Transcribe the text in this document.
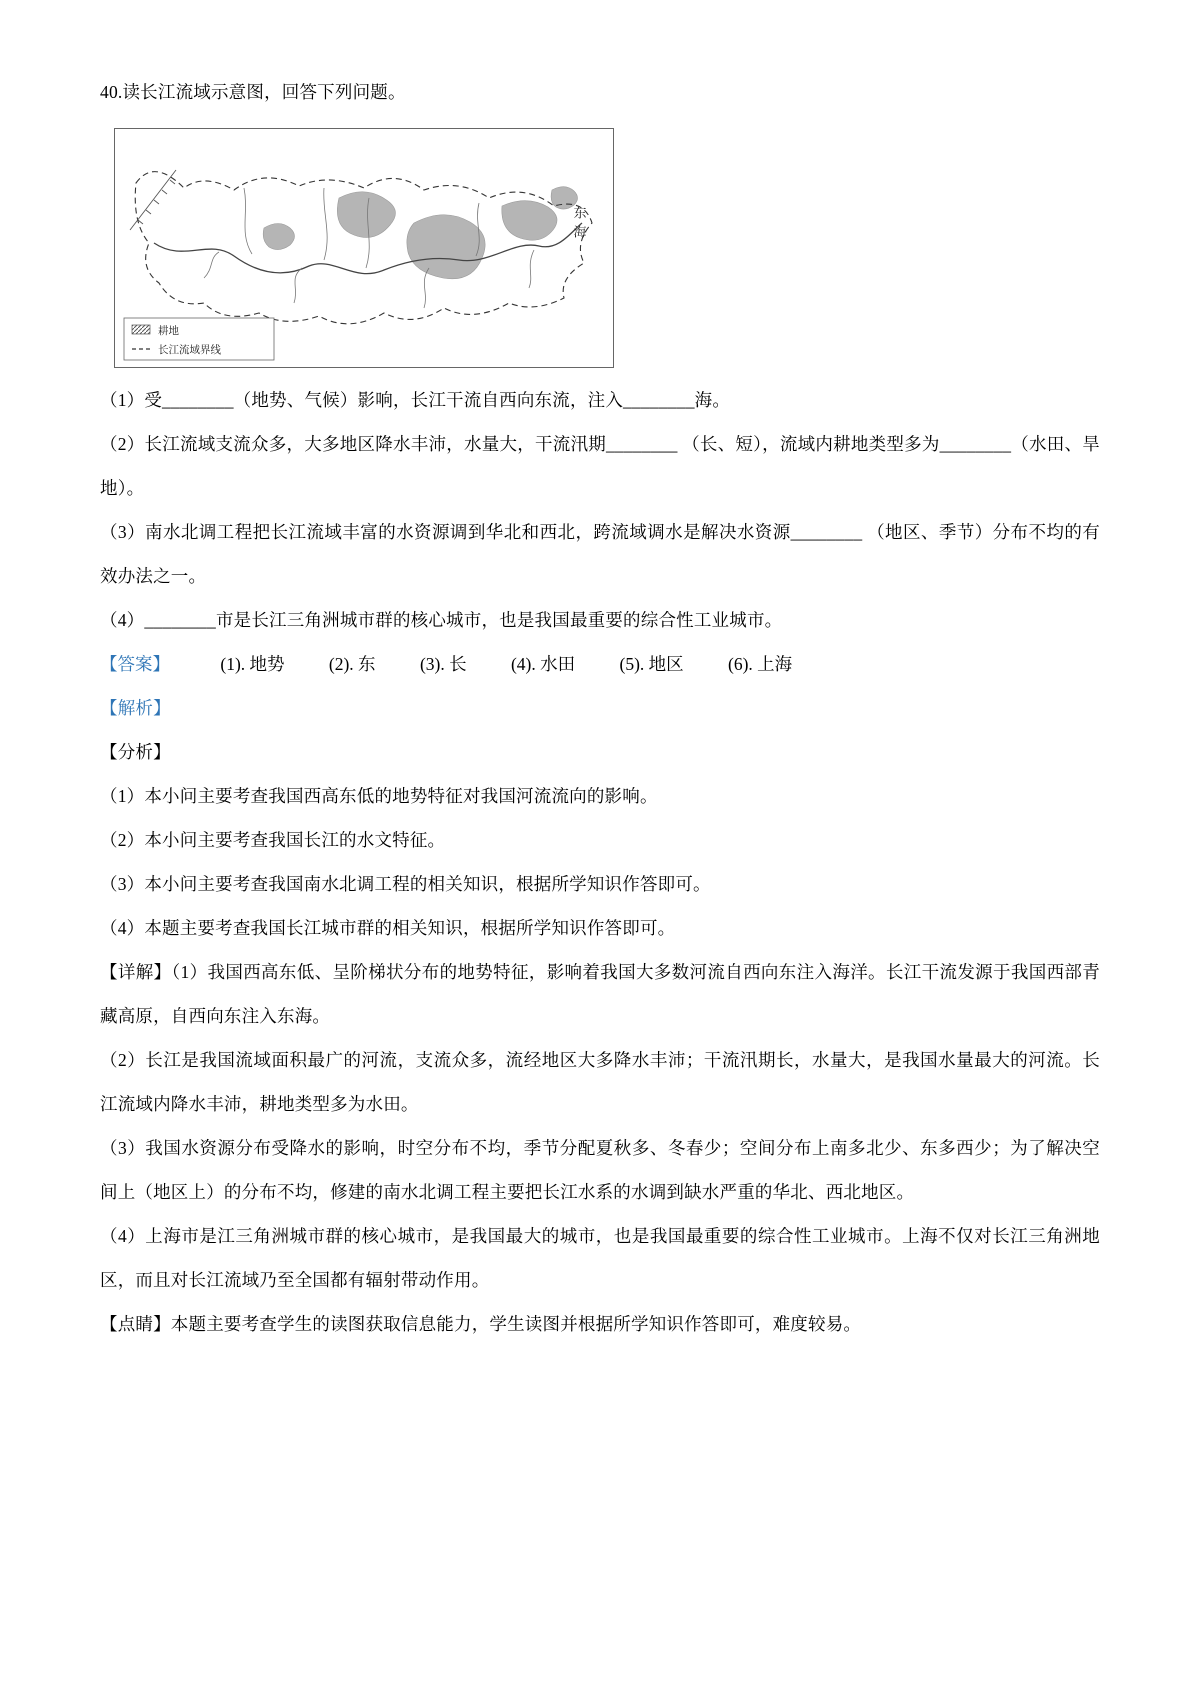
40.读长江流域示意图，回答下列问题。

东海
耕地
长江流域界线

（1）受________（地势、气候）影响，长江干流自西向东流，注入________海。

（2）长江流域支流众多，大多地区降水丰沛，水量大，干流汛期________ （长、短），流域内耕地类型多为________（水田、旱地）。

（3）南水北调工程把长江流域丰富的水资源调到华北和西北，跨流域调水是解决水资源________ （地区、季节）分布不均的有效办法之一。

（4）________市是长江三角洲城市群的核心城市，也是我国最重要的综合性工业城市。

【答案】	(1). 地势	(2). 东	(3). 长	(4). 水田	(5). 地区	(6). 上海

【解析】

【分析】

（1）本小问主要考查我国西高东低的地势特征对我国河流流向的影响。

（2）本小问主要考查我国长江的水文特征。

（3）本小问主要考查我国南水北调工程的相关知识，根据所学知识作答即可。

（4）本题主要考查我国长江城市群的相关知识，根据所学知识作答即可。

【详解】（1）我国西高东低、呈阶梯状分布的地势特征，影响着我国大多数河流自西向东注入海洋。长江干流发源于我国西部青藏高原，自西向东注入东海。

（2）长江是我国流域面积最广的河流，支流众多，流经地区大多降水丰沛；干流汛期长，水量大，是我国水量最大的河流。长江流域内降水丰沛，耕地类型多为水田。

（3）我国水资源分布受降水的影响，时空分布不均，季节分配夏秋多、冬春少；空间分布上南多北少、东多西少；为了解决空间上（地区上）的分布不均，修建的南水北调工程主要把长江水系的水调到缺水严重的华北、西北地区。

（4）上海市是江三角洲城市群的核心城市，是我国最大的城市，也是我国最重要的综合性工业城市。上海不仅对长江三角洲地区，而且对长江流域乃至全国都有辐射带动作用。

【点睛】本题主要考查学生的读图获取信息能力，学生读图并根据所学知识作答即可，难度较易。
